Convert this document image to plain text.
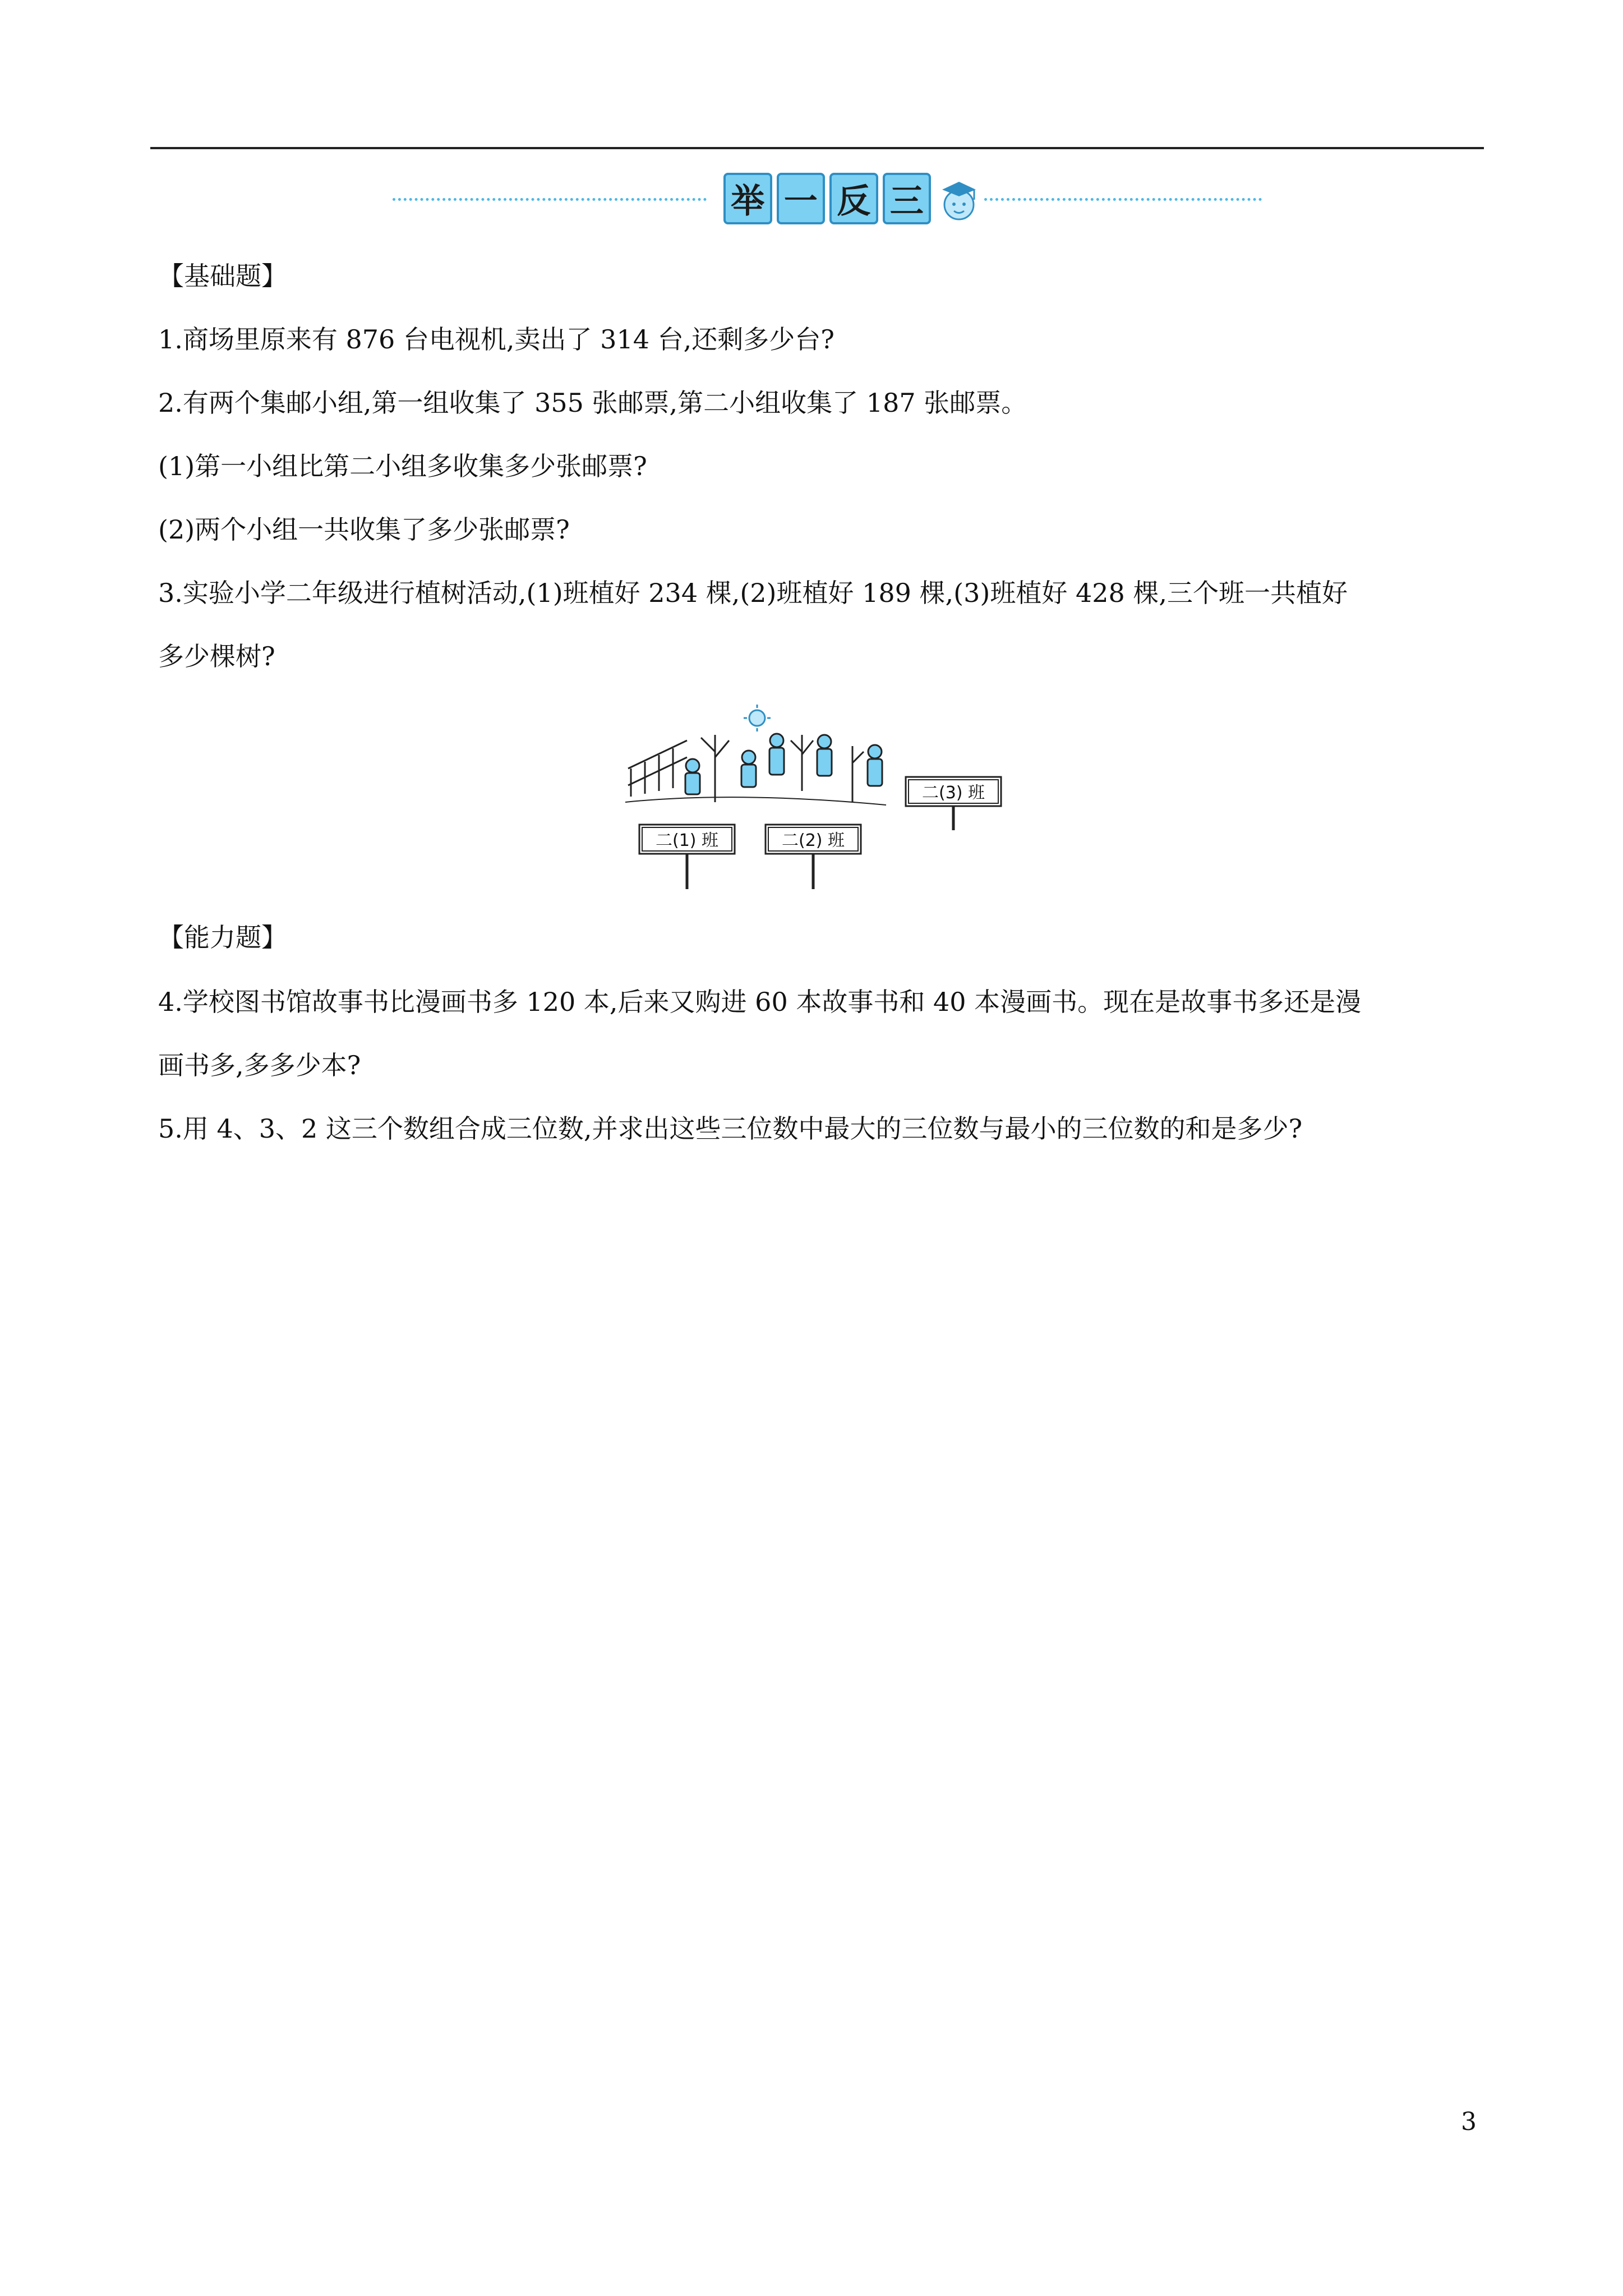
举 一 反 三
【基础题】
1.商场里原来有 876 台电视机,卖出了 314 台,还剩多少台?
2.有两个集邮小组,第一组收集了 355 张邮票,第二小组收集了 187 张邮票。
(1)第一小组比第二小组多收集多少张邮票?
(2)两个小组一共收集了多少张邮票?
3.实验小学二年级进行植树活动,(1)班植好 234 棵,(2)班植好 189 棵,(3)班植好 428 棵,三个班一共植好
多少棵树?
二(3) 班
二(1) 班	二(2) 班
【能力题】
4.学校图书馆故事书比漫画书多 120 本,后来又购进 60 本故事书和 40 本漫画书。现在是故事书多还是漫
画书多,多多少本?
5.用 4、3、2 这三个数组合成三位数,并求出这些三位数中最大的三位数与最小的三位数的和是多少?
3
